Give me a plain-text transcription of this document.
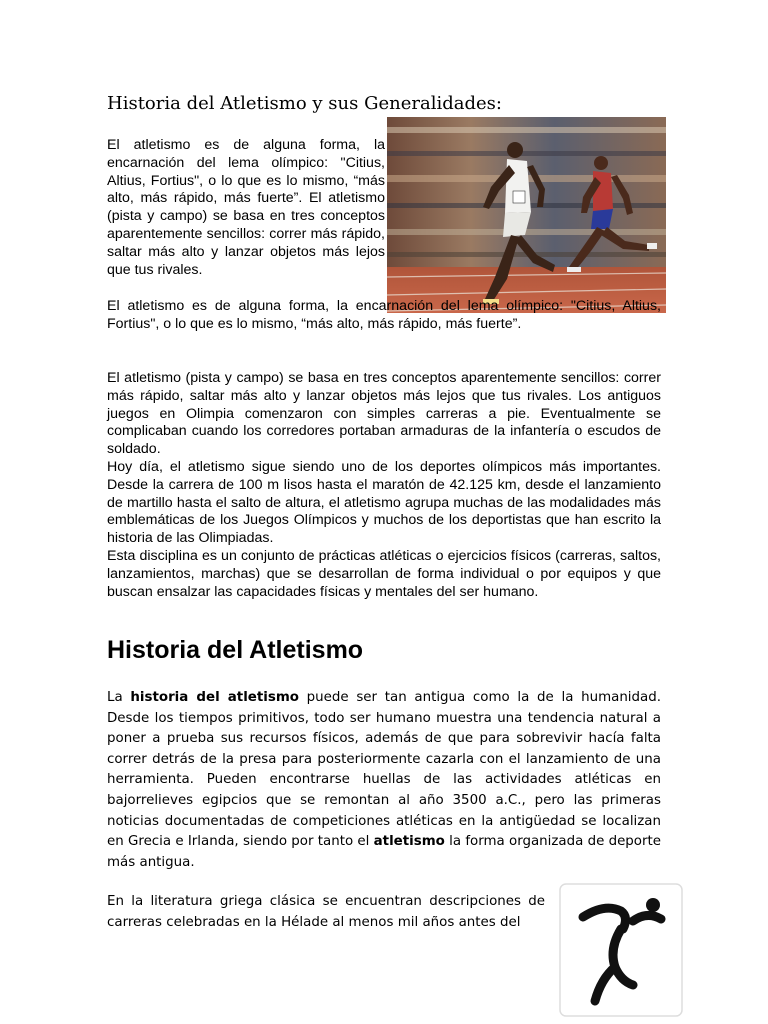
Historia del Atletismo y sus Generalidades:

El atletismo es de alguna forma, la encarnación del lema olímpico: "Citius, Altius, Fortius", o lo que es lo mismo, “más alto, más rápido, más fuerte”. El atletismo (pista y campo) se basa en tres conceptos aparentemente sencillos: correr más rápido, saltar más alto y lanzar objetos más lejos que tus rivales.

El atletismo es de alguna forma, la encarnación del lema olímpico: "Citius, Altius, Fortius", o lo que es lo mismo, “más alto, más rápido, más fuerte”.

El atletismo (pista y campo) se basa en tres conceptos aparentemente sencillos: correr más rápido, saltar más alto y lanzar objetos más lejos que tus rivales. Los antiguos juegos en Olimpia comenzaron con simples carreras a pie. Eventualmente se complicaban cuando los corredores portaban armaduras de la infantería o escudos de soldado.
Hoy día, el atletismo sigue siendo uno de los deportes olímpicos más importantes. Desde la carrera de 100 m lisos hasta el maratón de 42.125 km, desde el lanzamiento de martillo hasta el salto de altura, el atletismo agrupa muchas de las modalidades más emblemáticas de los Juegos Olímpicos y muchos de los deportistas que han escrito la historia de las Olimpiadas.
Esta disciplina es un conjunto de prácticas atléticas o ejercicios físicos (carreras, saltos, lanzamientos, marchas) que se desarrollan de forma individual o por equipos y que buscan ensalzar las capacidades físicas y mentales del ser humano.
Historia del Atletismo

La historia del atletismo puede ser tan antigua como la de la humanidad. Desde los tiempos primitivos, todo ser humano muestra una tendencia natural a poner a prueba sus recursos físicos, además de que para sobrevivir hacía falta correr detrás de la presa para posteriormente cazarla con el lanzamiento de una herramienta. Pueden encontrarse huellas de las actividades atléticas en bajorrelieves egipcios que se remontan al año 3500 a.C., pero las primeras noticias documentadas de competiciones atléticas en la antigüedad se localizan en Grecia e Irlanda, siendo por tanto el atletismo la forma organizada de deporte más antigua.

En la literatura griega clásica se encuentran descripciones de carreras celebradas en la Hélade al menos mil años antes del
